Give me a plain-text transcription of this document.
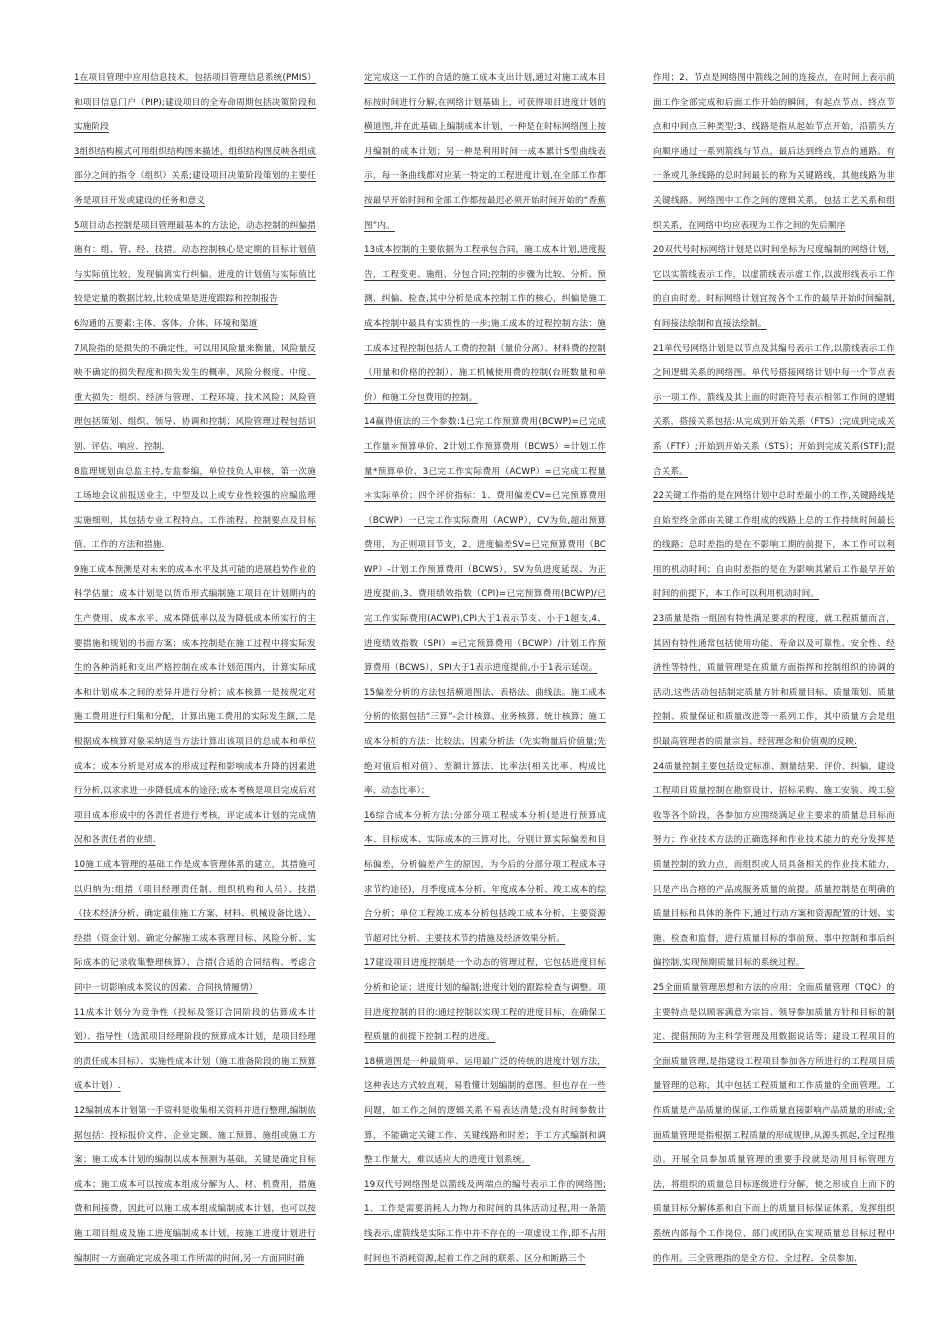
1在项目管理中应用信息技术，包括项目管理信息系统(PMIS）和项目信息门户（PIP);建设项目的全寿命周期包括决策阶段和实施阶段

3组织结构模式可用组织结构图来描述，组织结构图反映各组成部分之间的指令（组织）关系;建设项目决策阶段策划的主要任务是项目开发或建设的任务和意义

5项目动态控制是项目管理最基本的方法论，动态控制的纠偏措施有：组、管、经、技措。动态控制核心是定期的目标计划值与实际值比较，发现偏离实行纠偏。进度的计划值与实际值比较是定量的数据比较,比较成果是进度跟踪和控制报告

6沟通的五要素:主体、客体、介体、环境和渠道

7风险指的是损失的不确定性，可以用风险量来衡量，风险量反映不确定的损失程度和损失发生的概率，风险分极度、中度、重大损失：组织、经济与管理、工程环境、技术风险；风险管理包括策划、组织、领导、协调和控制；风险管理过程包括识别、评估、响应、控制.

8监理规划由总监主持,专监参编，单位技负人审核，第一次施工场地会议前报送业主，中型及以上或专业性较强的应编监理实施细则，其包括专业工程特点、工作流程、控制要点及目标值、工作的方法和措施.

9施工成本预测是对未来的成本水平及其可能的进展趋势作业的科学估量；成本计划是以货币形式编制施工项目在计划期内的生产费用、成本水平、成本降低率以及为降低成本所实行的主要措施和规划的书面方案；成本控制是在施工过程中将实际发生的各种消耗和支出严格控制在成本计划范围内，计算实际成本和计划成本之间的差异并进行分析；成本核算一是按规定对施工费用进行归集和分配，计算出施工费用的实际发生额,二是根据成本核算对象采纳适当方法计算出该项目的总成本和单位成本；成本分析是对成本的形成过程和影响成本升降的因素进行分析,以求求进一步降低成本的途径;成本考核是项目完成后对项目成本形成中的各责任者进行考核，评定成本计划的完成情况和各责任者的业绩.

10施工成本管理的基础工作是成本管理体系的建立，其措施可以归纳为:组措（项目经理责任制、组织机构和人员）、技措（技术经济分析、确定最佳施工方案、材料、机械设备比选）、经措（资金计划、确定分解施工成本管理目标、风险分析、实际成本的记录收集整理核算）、合措(合适的合同结构、考虑合同中一切影响成本奖议的因素、合同执情履情）

11成本计划分为竞争性（投标及签订合同阶段的估算成本计划）、指导性（选派项目经理阶段的预算成本计划，是项目经理的责任成本目标）、实施性成本计划（施工准备阶段的施工预算成本计划）.

12编制成本计划第一手资料是收集相关资料并进行整理,编制依据包括：投标报价文件、企业定额、施工预算、施组或施工方案；施工成本计划的编制以成本预测为基础，关键是确定目标成本；施工成本可以按成本组成分解为人、材、机费用，措施费和间接费，因此可以施工成本组成编制成本计划，也可以按施工项目组成及施工进度编制成本计划，按施工进度计划进行编制时一方面确定完成各项工作所需的时间,另一方面同时确

定完成这一工作的合适的施工成本支出计划,通过对施工成本目标按时间进行分解,在网络计划基础上，可获得项目进度计划的横道图,并在此基础上编制成本计划，一种是在时标网络图上按月编制的成本计划；另一种是利用时间一成本累计S型曲线表示，每一条曲线都对应某一特定的工程进度计划,在全部工作都按最早开始时间和全部工作都按最迟必须开始时间开始的“香蕉图”内。

13成本控制的主要依据为工程承包合同，施工成本计划,进度报告，工程变更、施组、分包合同;控制的步骤为比较、分析、预测、纠偏、检查,其中分析是成本控制工作的核心，纠偏是施工成本控制中最具有实质性的一步;施工成本的过程控制方法：施工成本过程控制包括人工费的控制（量价分离）、材料费的控制（用量和价格的控制）、施工机械使用费的控制(台班数量和单价）和施工分包费用的控制。

14赢得值法的三个参数:1已完工作预算费用(BCWP)=已完成工作量＊预算单价、2计划工作预算费用（BCWS）=计划工作量*预算单价、3已完工作实际费用（ACWP）=已完成工程量＊实际单价；四个评价指标：1、费用偏差CV=已完预算费用（BCWP）一已完工作实际费用（ACWP），CV为负,超出预算费用，为正则项目节支，2、进度偏差SV=已完预算费用（BCWP）-计划工作预算费用（BCWS），SV为负进度延误、为正进度提前,3、费用绩效指数（CPI)=已完预算费用(BCWP)/已完工作实际费用(ACWP),CPI大于1表示节支、小于1超支,4、进度绩效指数（SPI）=已完预算费用（BCWP）/计划工作预算费用（BCWS），SPI大于1表示进度提前,小于1表示延误。

15偏差分析的方法包括横道图法、表格法、曲线法。施工成本分析的依据包括“三算”-会计核算、业务核算、统计核算；施工成本分析的方法：比较法、因素分析法（先实物量后价值量;先绝对值后相对值）、差额计算法、比率法(相关比率、构成比率、动态比率）；

16综合成本分析方法:分部分项工程成本分析(是进行预算成本、目标成本、实际成本的三算对比，分别计算实际偏差和目标偏差，分析偏差产生的原因，为今后的分部分项工程成本寻求节约途径)，月季度成本分析、年度成本分析、竣工成本的综合分析；单位工程竣工成本分析包括竣工成本分析、主要资源节超对比分析、主要技术节约措施及经济效果分析。

17建设项目进度控制是一个动态的管理过程，它包括进度目标分析和论证；进度计划的编制;进度计划的跟踪检查与调整。项目进度控制的目的:通过控制以实现工程的进度目标，在确保工程质量的前提下控制工程的进度。

18横道图是一种最简单、运用最广泛的传统的进度计划方法，这种表达方式较直观，易看懂计划编制的意图。但也存在一些问题，如工作之间的逻辑关系不易表达清楚;没有时间参数计算，不能确定关键工作、关键线路和时差；手工方式编制和调整工作量大，难以适应大的进度计划系统。

19双代号网络图是以箭线及两端点的编号表示工作的网络图;1、工作是需要消耗人力物力和时间的具体活动过程,用一条箭线表示,虚箭线是实际工作中并不存在的一项虚设工作,即不占用时间也不消耗资源,起着工作之间的联系、区分和断路三个

作用；2、节点是网络图中箭线之间的连接点，在时间上表示前面工作全部完成和后面工作开始的瞬间，有起点节点、终点节点和中间点三种类型;3、线路是指从起始节点开始，沿箭头方向顺序通过一系列箭线与节点，最后达到终点节点的通路。有一条或几条线路的总时间最长的称为关键路线，其他线路为非关键线路。网络图中工作之间的逻辑关系，包括工艺关系和组织关系，在网络中均应表现为工作之间的先后顺序

20双代号时标网络计划是以时间坐标为尺度编制的网络计划，它以实箭线表示工作，以虚箭线表示虚工作,以波形线表示工作的自由时差。时标网络计划宜按各个工作的最早开始时间编制,有间接法绘制和直接法绘制。

21单代号网络计划是以节点及其编号表示工作,以箭线表示工作之间逻辑关系的网络图。单代号搭接网络计划中每一个节点表示一项工作，箭线及其上面的时距符号表示相邻工作间的逻辑关系，搭接关系包括:从完成到开始关系（FTS）;完成到完成关系（FTF）;开始到开始关系（STS）；开始到完成关系(STF);混合关系。

22关键工作指的是在网络计划中总时差最小的工作,关键路线是自始至终全部由关键工作组成的线路上总的工作持续时间最长的线路；总时差指的是在不影响工期的前提下，本工作可以利用的机动时间；自由时差指的是在为影响其紧后工作最早开始时间的前提下，本工作可以利用机动时间。

23质量是指一组固有特性满足要求的程度，就工程质量而言，其固有特性通常包括使用功能、寿命以及可靠性、安全性、经济性等特性，质量管理是在质量方面指挥和控制组织的协调的活动,这些活动包括制定质量方针和质量目标、质量策划、质量控制、质量保证和质量改进等一系列工作，其中质量方会是组织最高管理者的质量宗旨、经营理念和价值观的反映.

24质量控制主要包括设定标准、测量结果、评价、纠偏，建设工程项目质量控制在勘察设计、招标采购、施工安装、竣工验收等各个阶段，各参加方应围绕满足业主要求的质量总目标而努力；作业技术方法的正确选择和作业技术能力的充分发挥是质量控制的致力点，而组织或人员具备相关的作业技术能力，只是产出合格的产品或服务质量的前提。质量控制是在明确的质量目标和具体的条件下,通过行动方案和资源配置的计划、实施、检查和监督，进行质量目标的事前预、事中控制和事后纠偏控制,实现预期质量目标的系统过程。

25全面质量管理思想和方法的应用：全面质量管理（TQC）的主要特点是以顾客满意为宗旨、领导参加质量方针和目标的制定、提倡预防为主科学管理及用数据说话等；建设工程项目的全面质量管理,是指建设工程项目参加各方所进行的工程项目质量管理的总称，其中包括工程质量和工作质量的全面管理。工作质量是产品质量的保证,工作质量直接影响产品质量的形成;全面质量管理是指根据工程质量的形成规律,从源头抓起,全过程推动。开展全员参加质量管理的重要手段就是动用目标管理方法，将组织的质量总目标逐级进行分解，使之形成自上而下的质量目标分解体系和自下而上的质量目标保证体系，发挥组织系统内部每个工作岗位、部门或团队在实现质量总目标过程中的作用。三全管理指的是全方位、全过程、全员参加.
